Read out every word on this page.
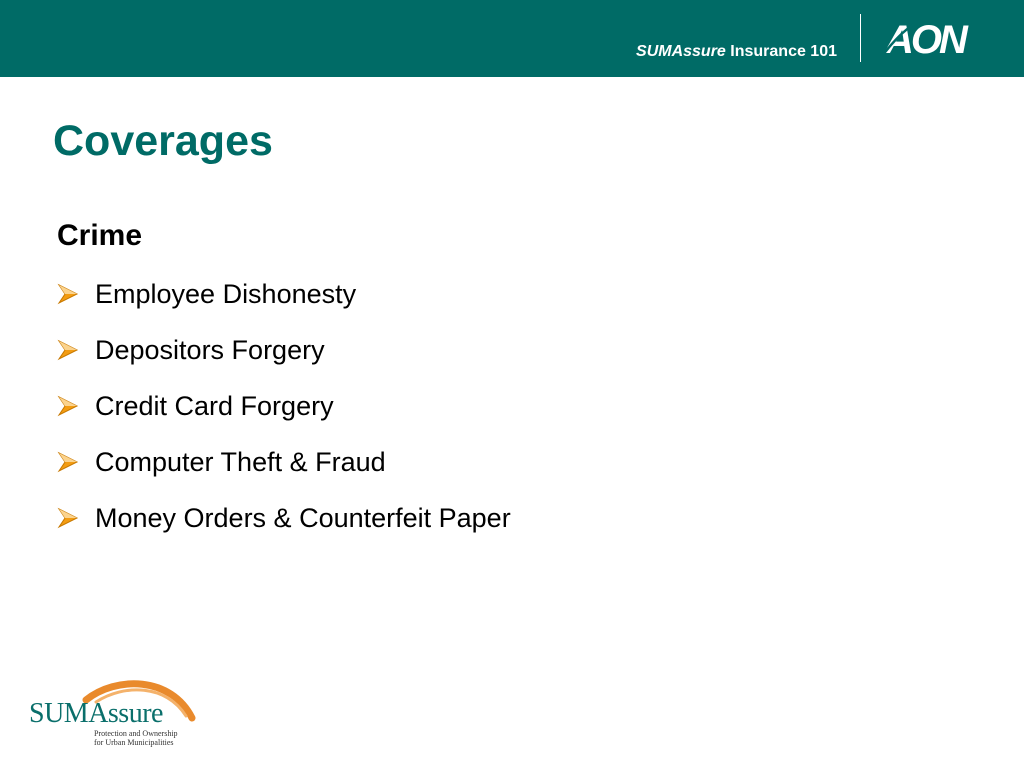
SUMAssure Insurance 101 AON
Coverages
Crime
Employee Dishonesty
Depositors Forgery
Credit Card Forgery
Computer Theft & Fraud
Money Orders & Counterfeit Paper
SUMAssure
Protection and Ownership
for Urban Municipalities
